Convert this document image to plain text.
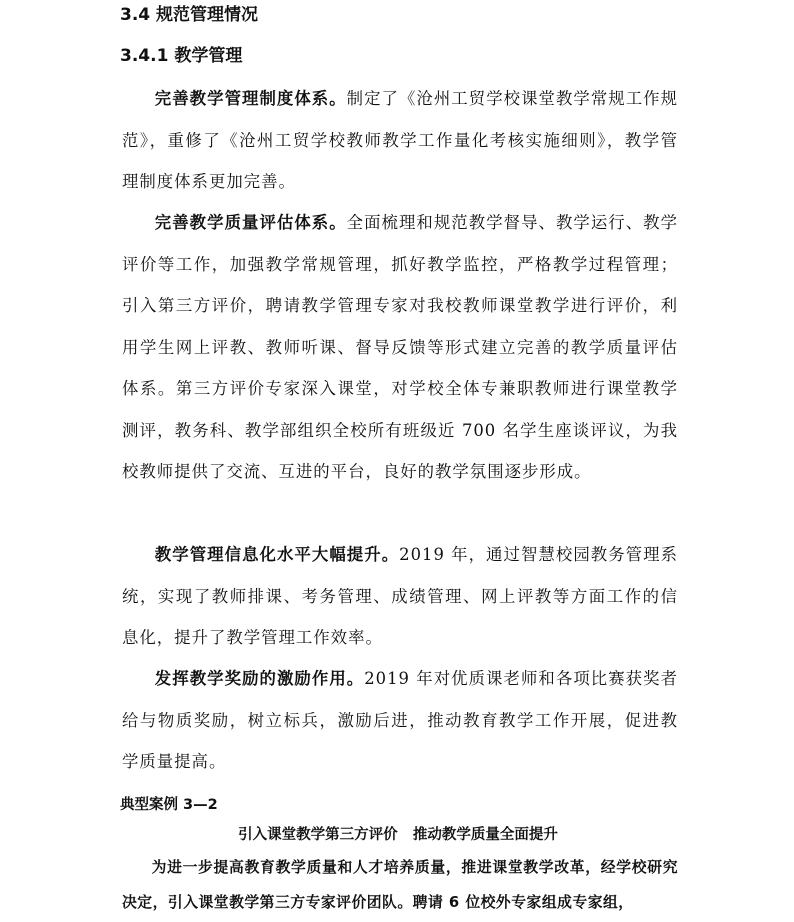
3.4 规范管理情况
3.4.1 教学管理

完善教学管理制度体系。制定了《沧州工贸学校课堂教学常规工作规范》，重修了《沧州工贸学校教师教学工作量化考核实施细则》，教学管理制度体系更加完善。

完善教学质量评估体系。全面梳理和规范教学督导、教学运行、教学评价等工作，加强教学常规管理，抓好教学监控，严格教学过程管理；引入第三方评价，聘请教学管理专家对我校教师课堂教学进行评价，利用学生网上评教、教师听课、督导反馈等形式建立完善的教学质量评估体系。第三方评价专家深入课堂，对学校全体专兼职教师进行课堂教学测评，教务科、教学部组织全校所有班级近 700 名学生座谈评议，为我校教师提供了交流、互进的平台，良好的教学氛围逐步形成。

教学管理信息化水平大幅提升。2019 年，通过智慧校园教务管理系统，实现了教师排课、考务管理、成绩管理、网上评教等方面工作的信息化，提升了教学管理工作效率。

发挥教学奖励的激励作用。2019 年对优质课老师和各项比赛获奖者给与物质奖励，树立标兵，激励后进，推动教育教学工作开展，促进教学质量提高。

典型案例 3—2
引入课堂教学第三方评价   推动教学质量全面提升

为进一步提高教育教学质量和人才培养质量，推进课堂教学改革，经学校研究决定，引入课堂教学第三方专家评价团队。聘请 6 位校外专家组成专家组，
